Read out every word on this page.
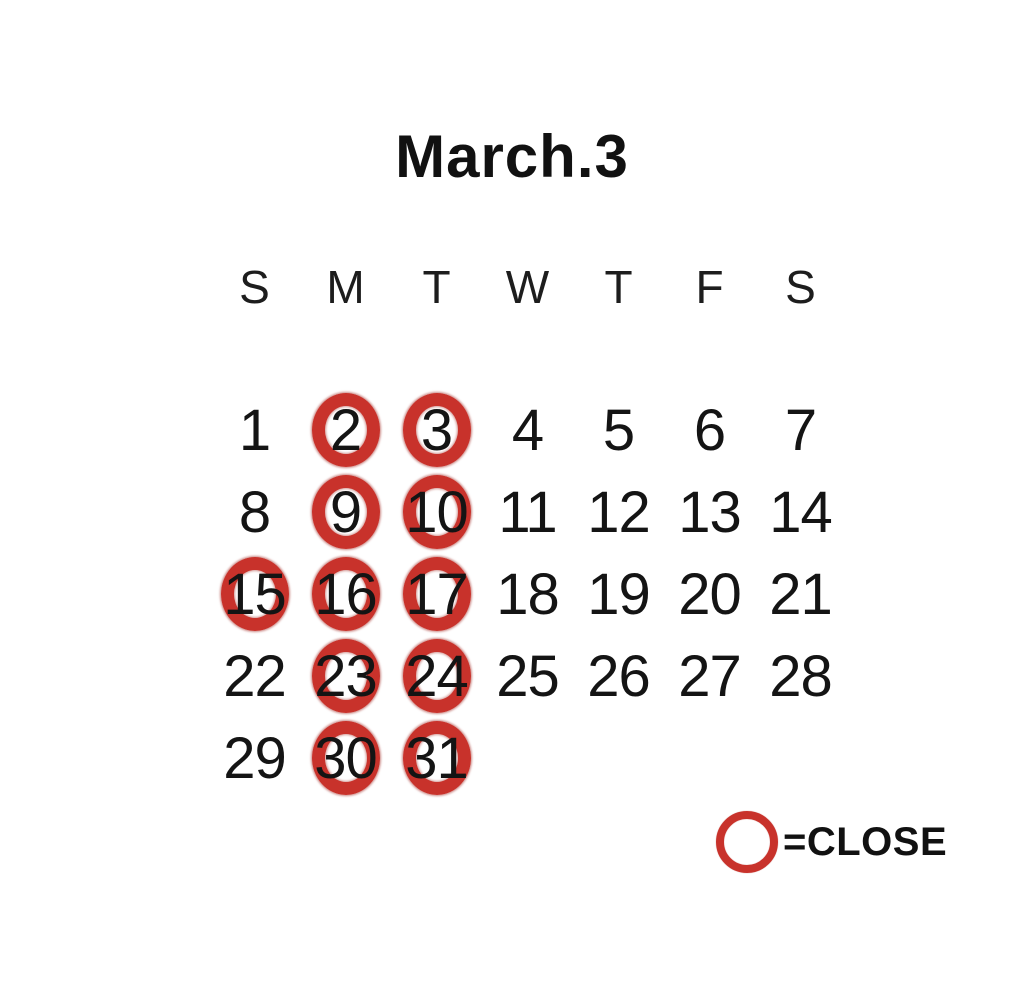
March.3
S	M	T	W	T	F	S
1 2 3 4 5 6 7
8 9 10 11 12 13 14
15 16 17 18 19 20 21
22 23 24 25 26 27 28
29 30 31
=CLOSE
